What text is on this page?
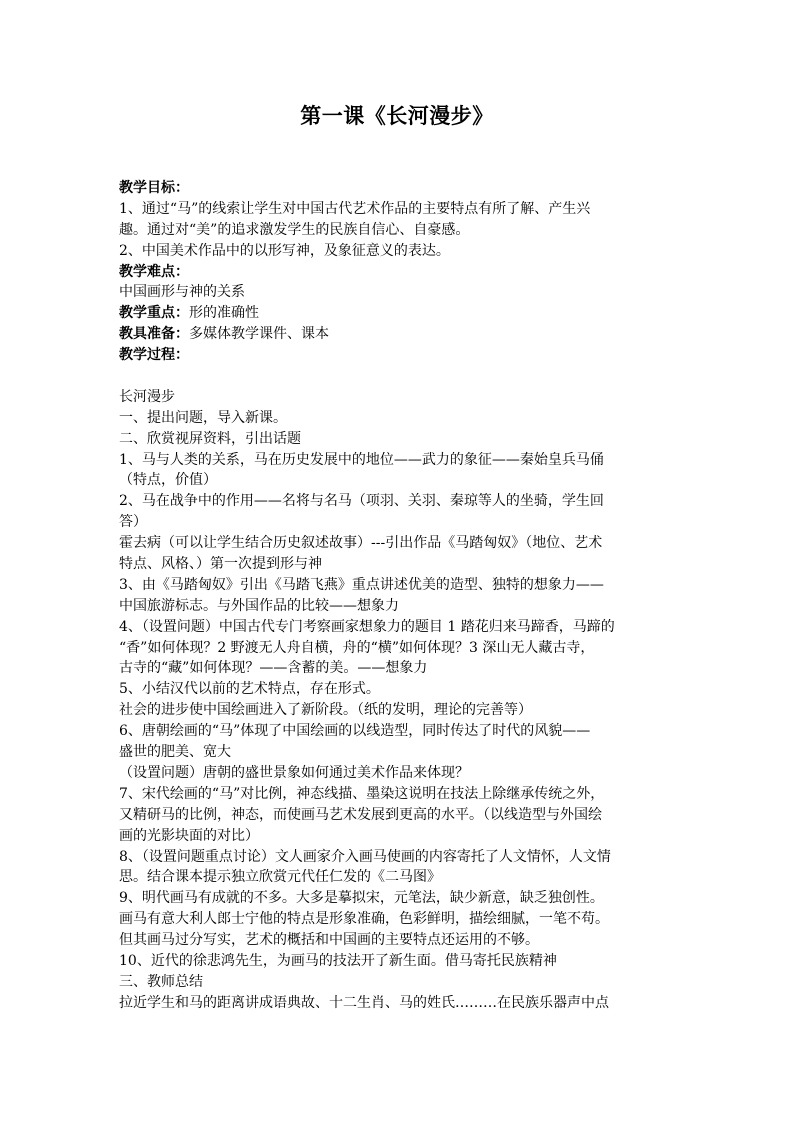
第一课《长河漫步》
教学目标：
1、通过“马”的线索让学生对中国古代艺术作品的主要特点有所了解、产生兴
趣。通过对“美”的追求激发学生的民族自信心、自豪感。
2、中国美术作品中的以形写神，及象征意义的表达。
教学难点：
中国画形与神的关系
教学重点：形的准确性
教具准备：多媒体教学课件、课本
教学过程：
长河漫步
一、提出问题，导入新课。
二、欣赏视屏资料，引出话题
1、马与人类的关系，马在历史发展中的地位——武力的象征——秦始皇兵马俑
（特点，价值）
2、马在战争中的作用——名将与名马（项羽、关羽、秦琼等人的坐骑，学生回
答）
霍去病（可以让学生结合历史叙述故事）---引出作品《马踏匈奴》（地位、艺术
特点、风格、）第一次提到形与神
3、由《马踏匈奴》引出《马踏飞燕》重点讲述优美的造型、独特的想象力——
中国旅游标志。与外国作品的比较——想象力
4、（设置问题）中国古代专门考察画家想象力的题目 1 踏花归来马蹄香，马蹄的
“香”如何体现？2 野渡无人舟自横，舟的“横”如何体现？3 深山无人藏古寺，
古寺的“藏”如何体现？——含蓄的美。——想象力
5、小结汉代以前的艺术特点，存在形式。
社会的进步使中国绘画进入了新阶段。（纸的发明，理论的完善等）
6、唐朝绘画的“马”体现了中国绘画的以线造型，同时传达了时代的风貌——
盛世的肥美、宽大
（设置问题）唐朝的盛世景象如何通过美术作品来体现？
7、宋代绘画的“马”对比例，神态线描、墨染这说明在技法上除继承传统之外，
又精研马的比例，神态，而使画马艺术发展到更高的水平。（以线造型与外国绘
画的光影块面的对比）
8、（设置问题重点讨论）文人画家介入画马使画的内容寄托了人文情怀，人文情
思。结合课本提示独立欣赏元代任仁发的《二马图》
9、明代画马有成就的不多。大多是摹拟宋，元笔法，缺少新意，缺乏独创性。
画马有意大利人郎士宁他的特点是形象准确，色彩鲜明，描绘细腻，一笔不苟。
但其画马过分写实，艺术的概括和中国画的主要特点还运用的不够。
10、近代的徐悲鸿先生，为画马的技法开了新生面。借马寄托民族精神
三、教师总结
拉近学生和马的距离讲成语典故、十二生肖、马的姓氏………在民族乐器声中点
